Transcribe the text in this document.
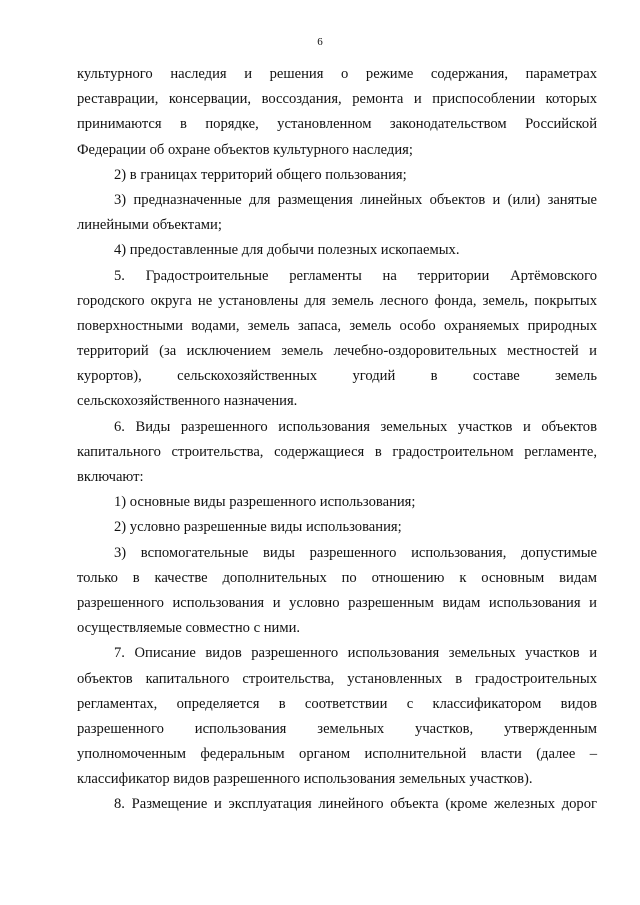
6
культурного наследия и решения о режиме содержания, параметрах
реставрации, консервации, воссоздания, ремонта и приспособлении которых
принимаются в порядке, установленном законодательством Российской
Федерации об охране объектов культурного наследия;
2) в границах территорий общего пользования;
3) предназначенные для размещения линейных объектов и (или) занятые
линейными объектами;
4) предоставленные для добычи полезных ископаемых.
5. Градостроительные регламенты на территории Артёмовского
городского округа не установлены для земель лесного фонда, земель, покрытых
поверхностными водами, земель запаса, земель особо охраняемых природных
территорий (за исключением земель лечебно-оздоровительных местностей и
курортов), сельскохозяйственных угодий в составе земель
сельскохозяйственного назначения.
6. Виды разрешенного использования земельных участков и объектов
капитального строительства, содержащиеся в градостроительном регламенте,
включают:
1) основные виды разрешенного использования;
2) условно разрешенные виды использования;
3) вспомогательные виды разрешенного использования, допустимые
только в качестве дополнительных по отношению к основным видам
разрешенного использования и условно разрешенным видам использования и
осуществляемые совместно с ними.
7. Описание видов разрешенного использования земельных участков и
объектов капитального строительства, установленных в градостроительных
регламентах, определяется в соответствии с классификатором видов
разрешенного использования земельных участков, утвержденным
уполномоченным федеральным органом исполнительной власти (далее –
классификатор видов разрешенного использования земельных участков).
8. Размещение и эксплуатация линейного объекта (кроме железных дорог
